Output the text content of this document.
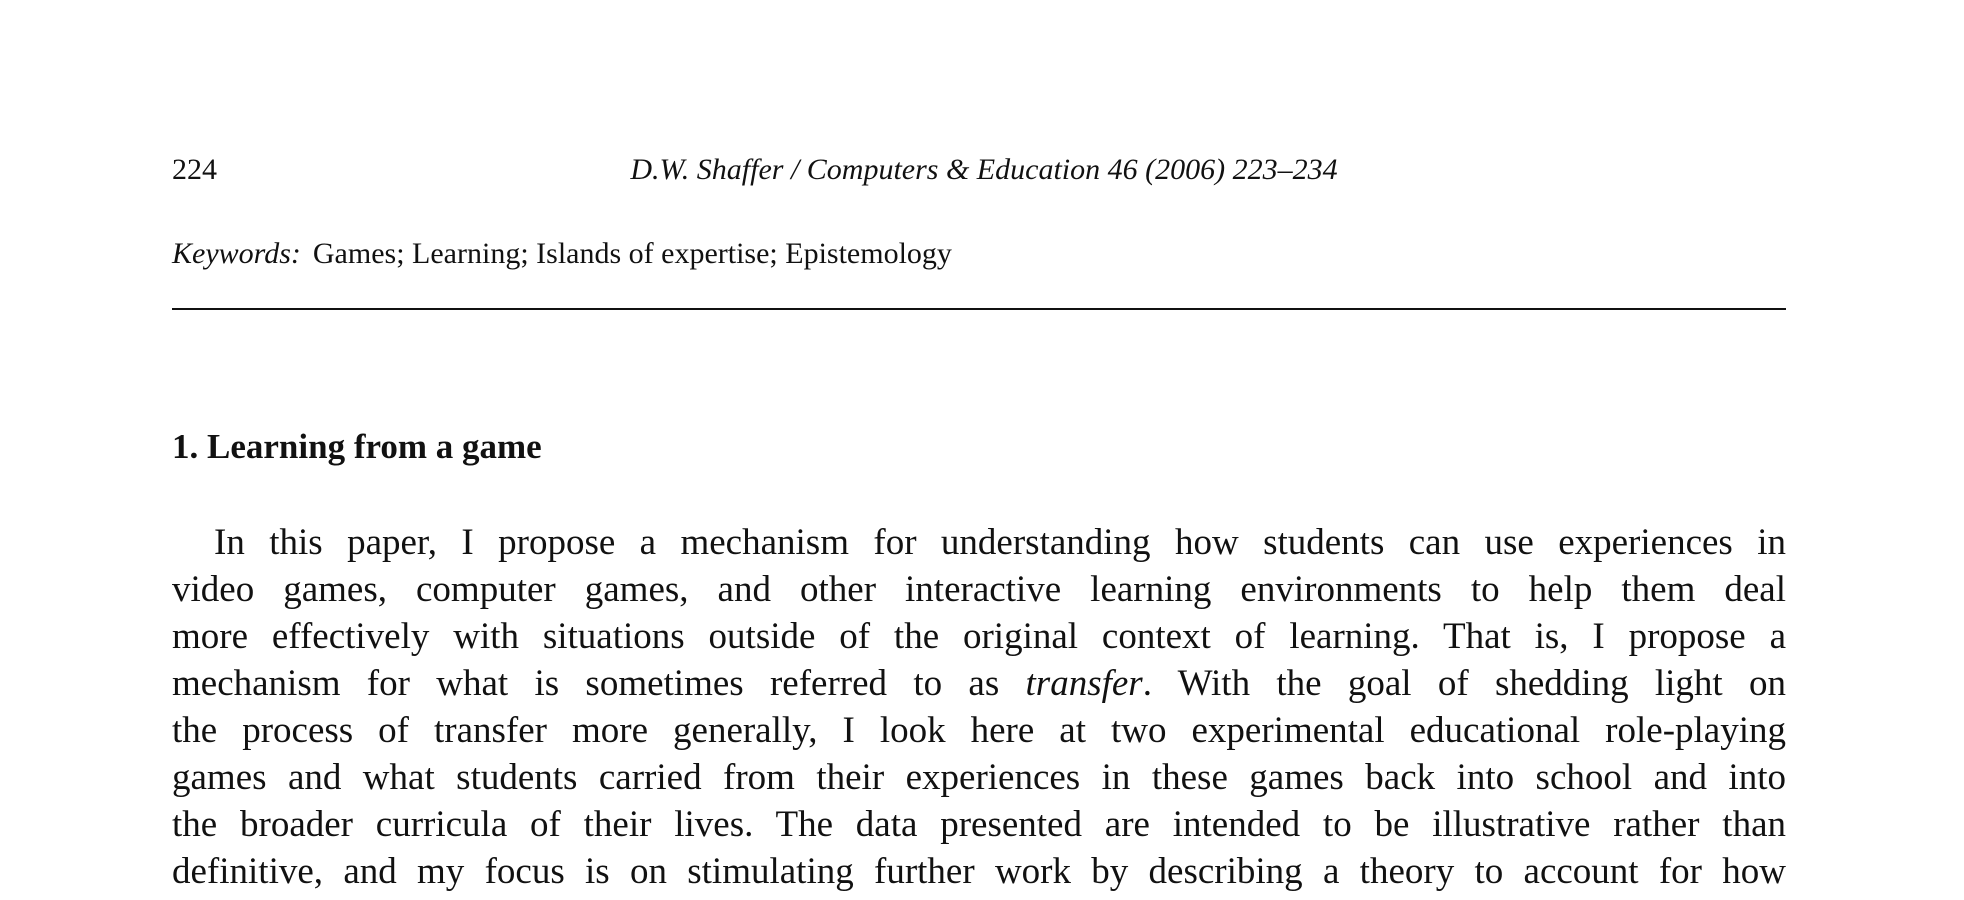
224	D.W. Shaffer / Computers & Education 46 (2006) 223–234
Keywords: Games; Learning; Islands of expertise; Epistemology
1. Learning from a game
In this paper, I propose a mechanism for understanding how students can use experiences in
video games, computer games, and other interactive learning environments to help them deal
more effectively with situations outside of the original context of learning. That is, I propose a
mechanism for what is sometimes referred to as transfer. With the goal of shedding light on
the process of transfer more generally, I look here at two experimental educational role-playing
games and what students carried from their experiences in these games back into school and into
the broader curricula of their lives. The data presented are intended to be illustrative rather than
definitive, and my focus is on stimulating further work by describing a theory to account for how
